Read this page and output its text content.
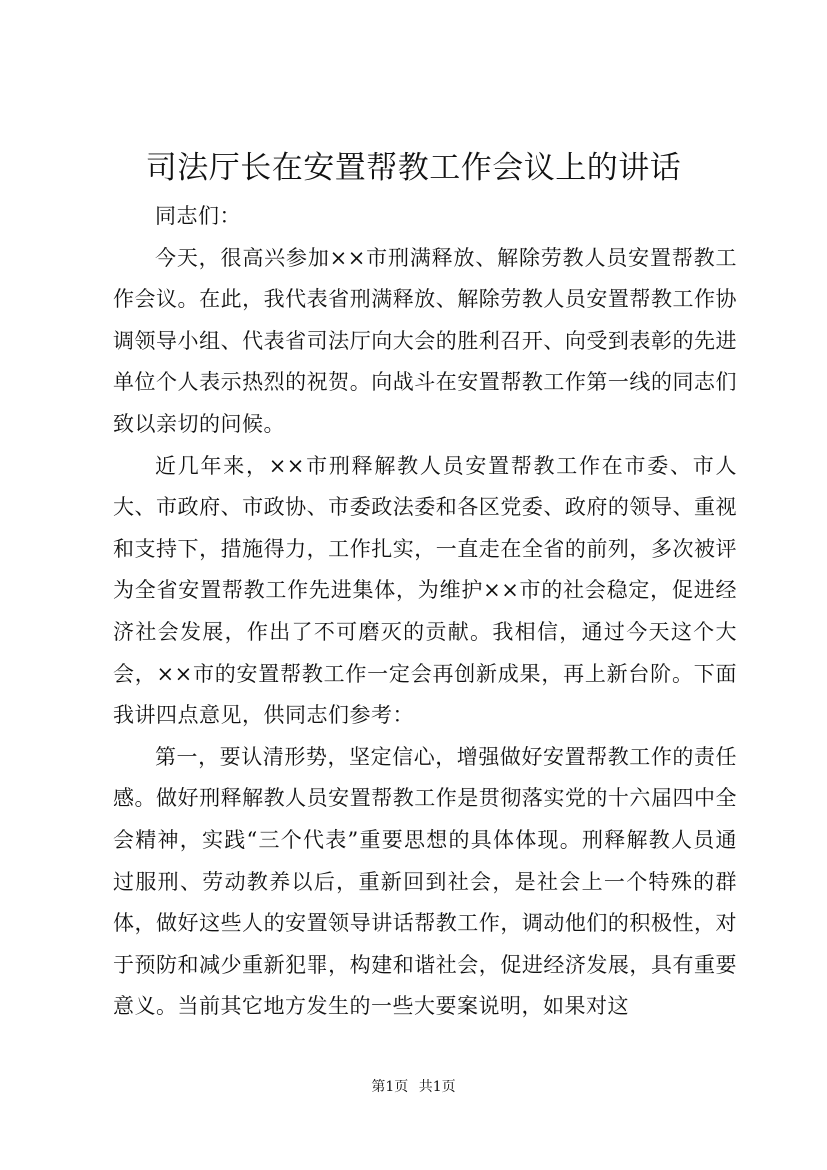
司法厅长在安置帮教工作会议上的讲话

同志们：

今天，很高兴参加××市刑满释放、解除劳教人员安置帮教工作会议。在此，我代表省刑满释放、解除劳教人员安置帮教工作协调领导小组、代表省司法厅向大会的胜利召开、向受到表彰的先进单位个人表示热烈的祝贺。向战斗在安置帮教工作第一线的同志们致以亲切的问候。

近几年来，××市刑释解教人员安置帮教工作在市委、市人大、市政府、市政协、市委政法委和各区党委、政府的领导、重视和支持下，措施得力，工作扎实，一直走在全省的前列，多次被评为全省安置帮教工作先进集体，为维护××市的社会稳定，促进经济社会发展，作出了不可磨灭的贡献。我相信，通过今天这个大会，××市的安置帮教工作一定会再创新成果，再上新台阶。下面我讲四点意见，供同志们参考：

第一，要认清形势，坚定信心，增强做好安置帮教工作的责任感。做好刑释解教人员安置帮教工作是贯彻落实党的十六届四中全会精神，实践“三个代表”重要思想的具体体现。刑释解教人员通过服刑、劳动教养以后，重新回到社会，是社会上一个特殊的群体，做好这些人的安置领导讲话帮教工作，调动他们的积极性，对于预防和减少重新犯罪，构建和谐社会，促进经济发展，具有重要意义。当前其它地方发生的一些大要案说明，如果对这

第1页 共1页
